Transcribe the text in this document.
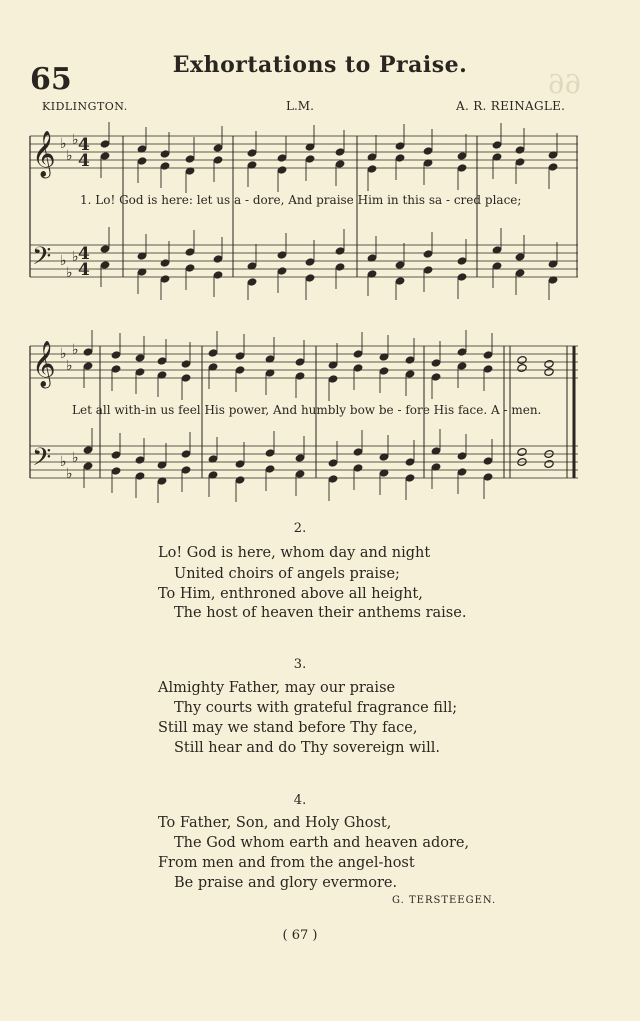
66
Exhortations to Praise.
65
KIDLINGTON.	L.M.	A. R. REINAGLE.
𝄞
𝄢
♭
♭
♭
♭
♭
♭
4
4
4
4
1. Lo! God is here: let us a - dore, And praise Him in this sa - cred place;
𝄞
𝄢
♭
♭
♭
♭
♭
♭
Let all with-in us feel His power, And humbly bow be - fore His face. A - men.
2.
Lo! God is here, whom day and night
United choirs of angels praise;
To Him, enthroned above all height,
The host of heaven their anthems raise.
3.
Almighty Father, may our praise
Thy courts with grateful fragrance fill;
Still may we stand before Thy face,
Still hear and do Thy sovereign will.
4.
To Father, Son, and Holy Ghost,
The God whom earth and heaven adore,
From men and from the angel-host
Be praise and glory evermore.
G. TERSTEEGEN.
( 67 )
